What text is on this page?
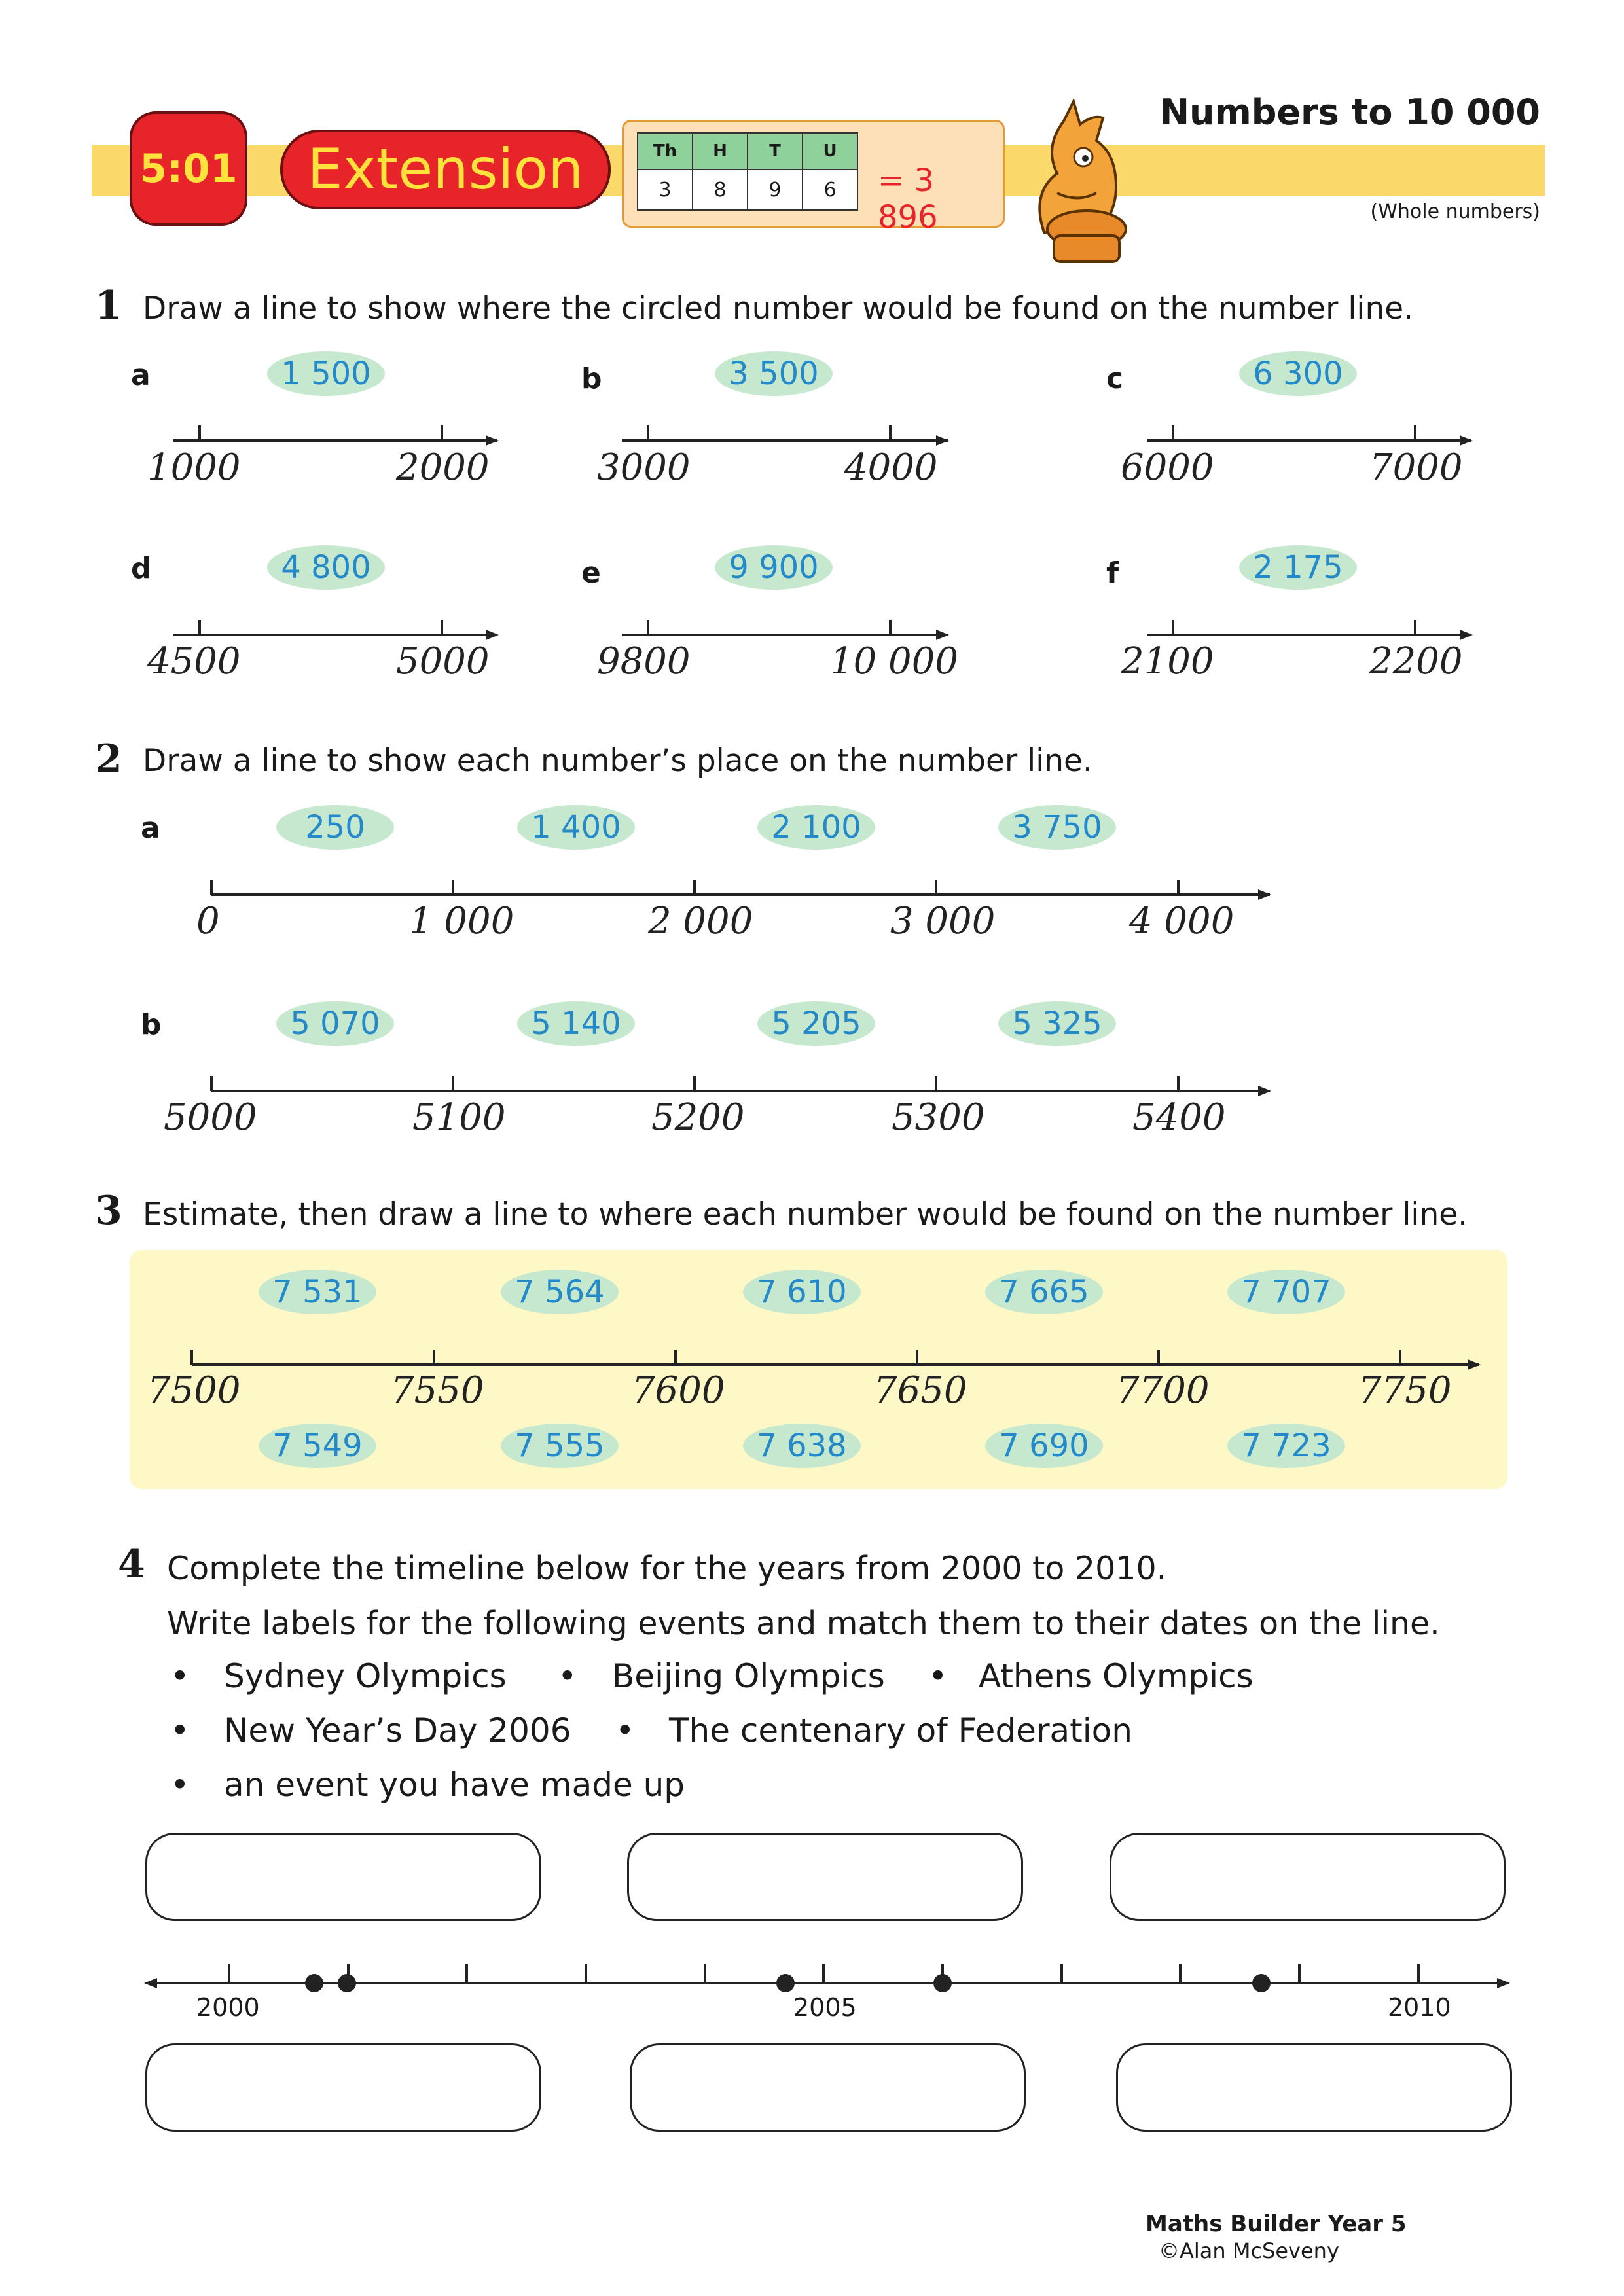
5:01	Extension	Th	H	T	U
3	8	9	6 = 3 896
Numbers to 10 000
(Whole numbers)
1 Draw a line to show where the circled number would be found on the number line.
a	b	c
d	e	f
1 500	3 500	6 300
4 800	9 900	2 175
1000	2000	3000	4000	6000	7000
4500	5000	9800	10 000	2100	2200
2 Draw a line to show each number’s place on the number line.
a	250	1 400	2 100	3 750
b	5 070	5 140	5 205	5 325
0	1 000	2 000	3 000	4 000
5000	5100	5200	5300	5400
3 Estimate, then draw a line to where each number would be found on the number line.
7 531	7 564	7 610	7 665	7 707
7500	7550	7600	7650	7700	7750
7 549	7 555	7 638	7 690	7 723
4 Complete the timeline below for the years from 2000 to 2010.
Write labels for the following events and match them to their dates on the line.
• Sydney Olympics • Beijing Olympics • Athens Olympics
• New Year’s Day 2006 • The centenary of Federation
• an event you have made up
2000	2005	2010
Maths Builder Year 5
©Alan McSeveny
